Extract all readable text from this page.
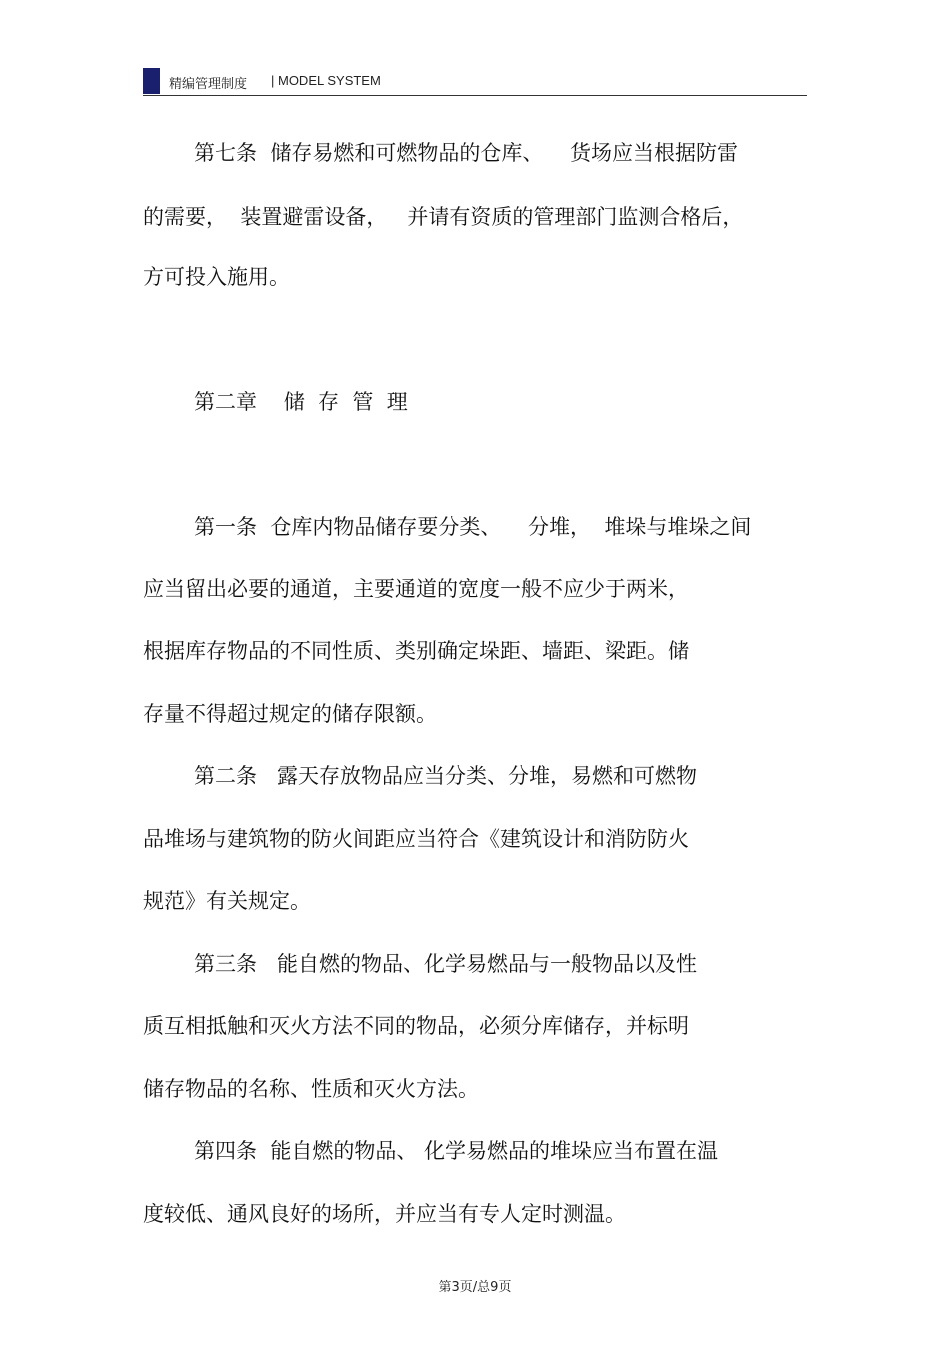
精编管理制度 | MODEL SYSTEM
第七条  储存易燃和可燃物品的仓库、    货场应当根据防雷
的需要，  装置避雷设备，   并请有资质的管理部门监测合格后，
方可投入施用。
第二章    储  存  管  理
第一条  仓库内物品储存要分类、    分堆，  堆垛与堆垛之间
应当留出必要的通道，主要通道的宽度一般不应少于两米，
根据库存物品的不同性质、类别确定垛距、墙距、梁距。储
存量不得超过规定的储存限额。
第二条   露天存放物品应当分类、分堆，易燃和可燃物
品堆场与建筑物的防火间距应当符合《建筑设计和消防防火
规范》有关规定。
第三条   能自燃的物品、化学易燃品与一般物品以及性
质互相抵触和灭火方法不同的物品，必须分库储存，并标明
储存物品的名称、性质和灭火方法。
第四条  能自燃的物品、 化学易燃品的堆垛应当布置在温
度较低、通风良好的场所，并应当有专人定时测温。
第3页/总9页
